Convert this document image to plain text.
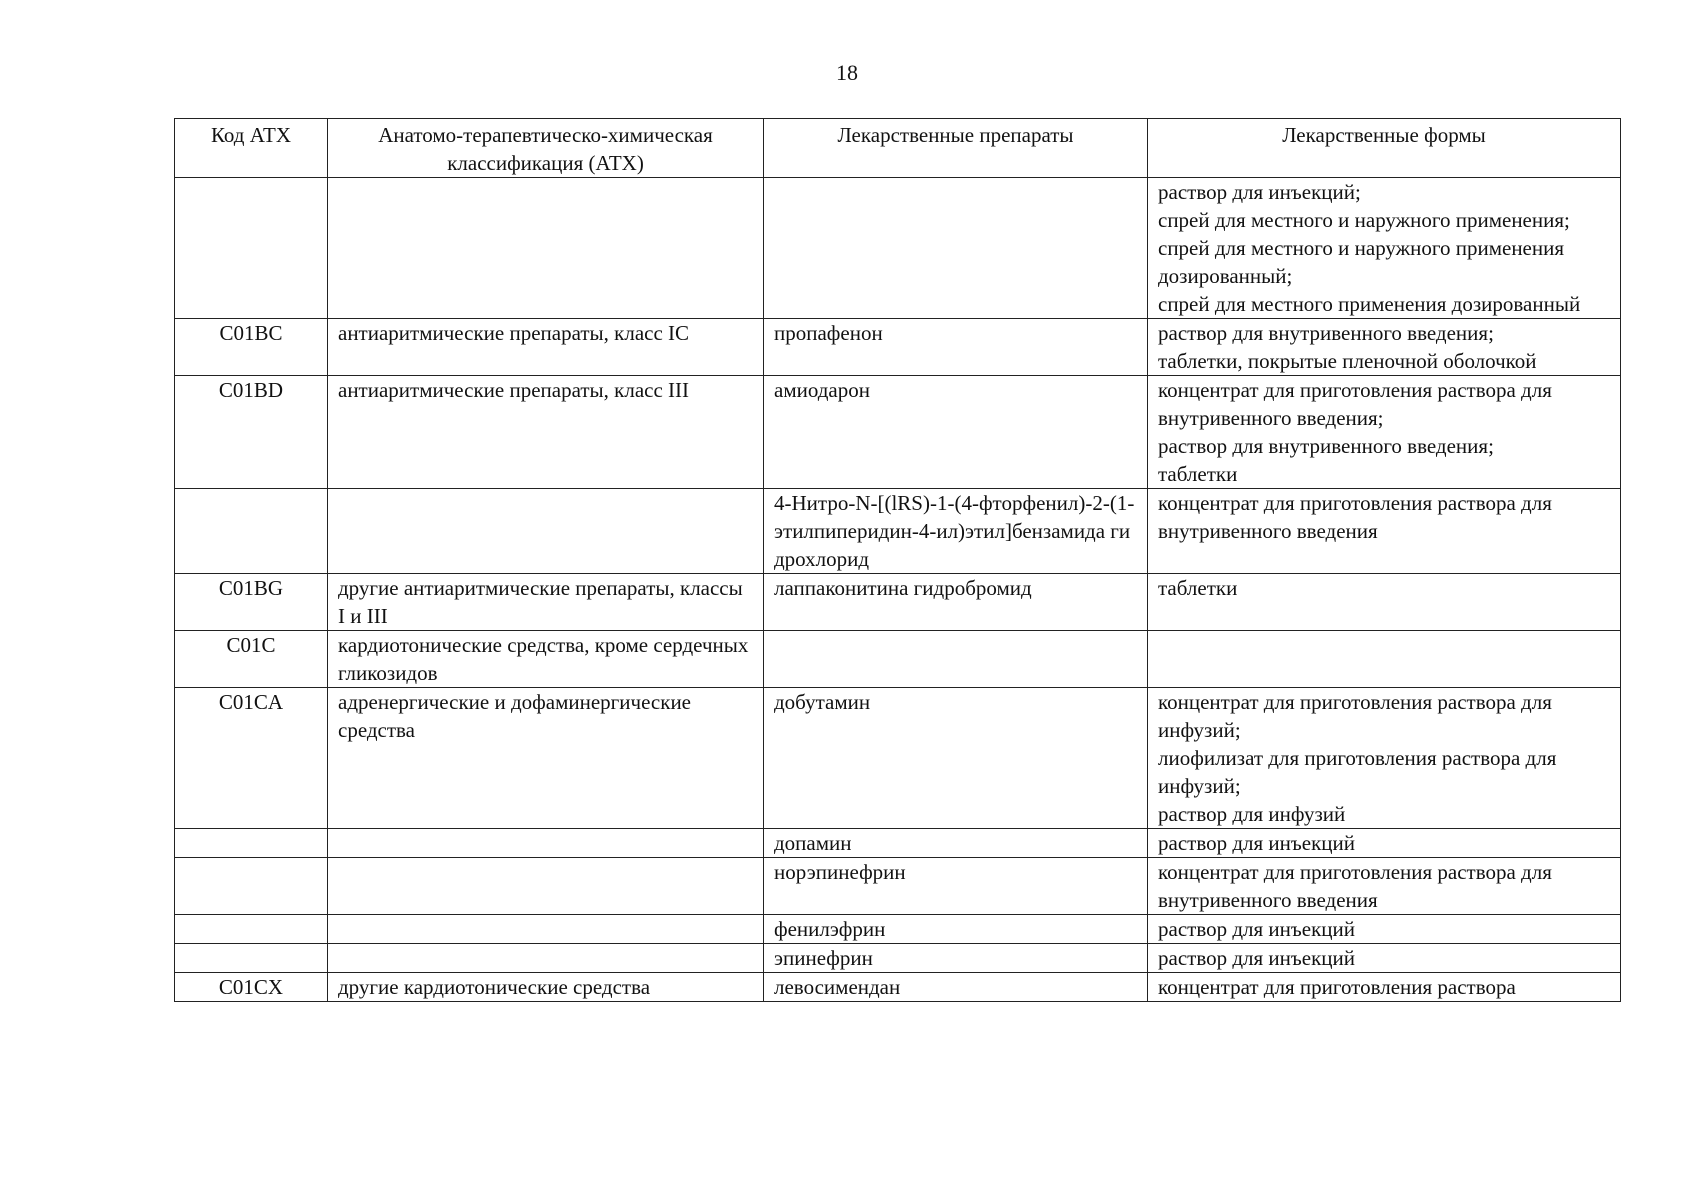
18
Код АТХ	Анатомо-терапевтическо-химическая классификация (АТХ)	Лекарственные препараты	Лекарственные формы

			раствор для инъекций;
спрей для местного и наружного применения;
спрей для местного и наружного применения дозированный;
спрей для местного применения дозированный

C01BC	антиаритмические препараты, класс IC	пропафенон	раствор для внутривенного введения;
таблетки, покрытые пленочной оболочкой

C01BD	антиаритмические препараты, класс III	амиодарон	концентрат для приготовления раствора для внутривенного введения;
раствор для внутривенного введения;
таблетки

		4-Нитро-N-[(lRS)-1-(4-фторфенил)-2-(1-этилпиперидин-4-ил)этил]бензамида гидрохлорид	концентрат для приготовления раствора для внутривенного введения

C01BG	другие антиаритмические препараты, классы I и III	лаппаконитина гидробромид	таблетки

C01C	кардиотонические средства, кроме сердечных гликозидов		
C01CA	адренергические и дофаминергические средства	добутамин	концентрат для приготовления раствора для инфузий;
лиофилизат для приготовления раствора для инфузий;
раствор для инфузий

		допамин	раствор для инъекций

		норэпинефрин	концентрат для приготовления раствора для внутривенного введения

		фенилэфрин	раствор для инъекций

		эпинефрин	раствор для инъекций

C01CX	другие кардиотонические средства	левосимендан	концентрат для приготовления раствора
